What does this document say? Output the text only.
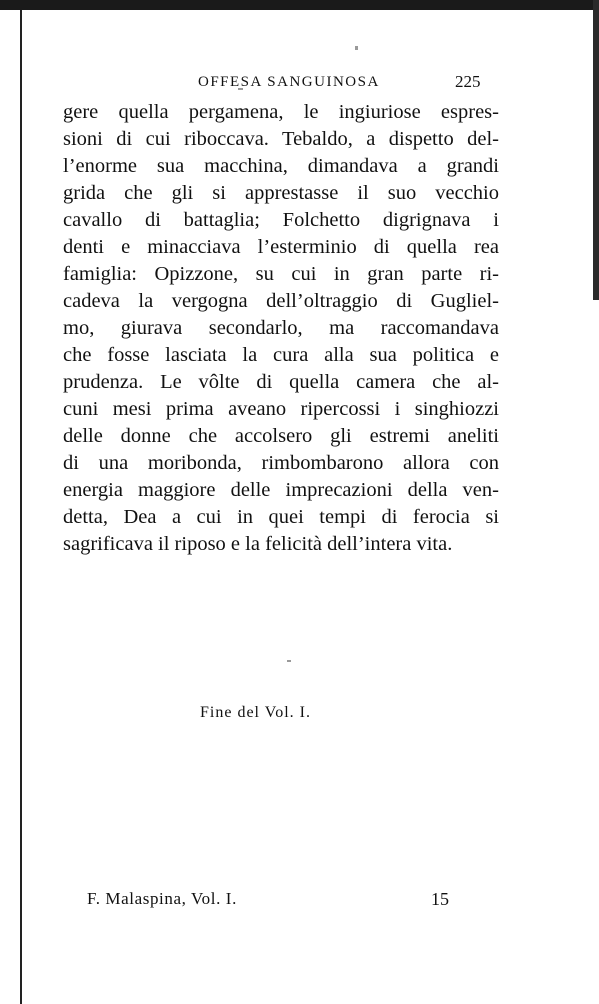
OFFESA SANGUINOSA	225
gere quella pergamena, le ingiuriose espres-
sioni di cui riboccava. Tebaldo, a dispetto del-
l’enorme sua macchina, dimandava a grandi
grida che gli si apprestasse il suo vecchio
cavallo di battaglia; Folchetto digrignava i
denti e minacciava l’esterminio di quella rea
famiglia: Opizzone, su cui in gran parte ri-
cadeva la vergogna dell’oltraggio di Gugliel-
mo, giurava secondarlo, ma raccomandava
che fosse lasciata la cura alla sua politica e
prudenza. Le vôlte di quella camera che al-
cuni mesi prima aveano ripercossi i singhiozzi
delle donne che accolsero gli estremi aneliti
di una moribonda, rimbombarono allora con
energia maggiore delle imprecazioni della ven-
detta, Dea a cui in quei tempi di ferocia si
sagrificava il riposo e la felicità dell’intera vita.
Fine del Vol. I.
F. Malaspina, Vol. I.	15
